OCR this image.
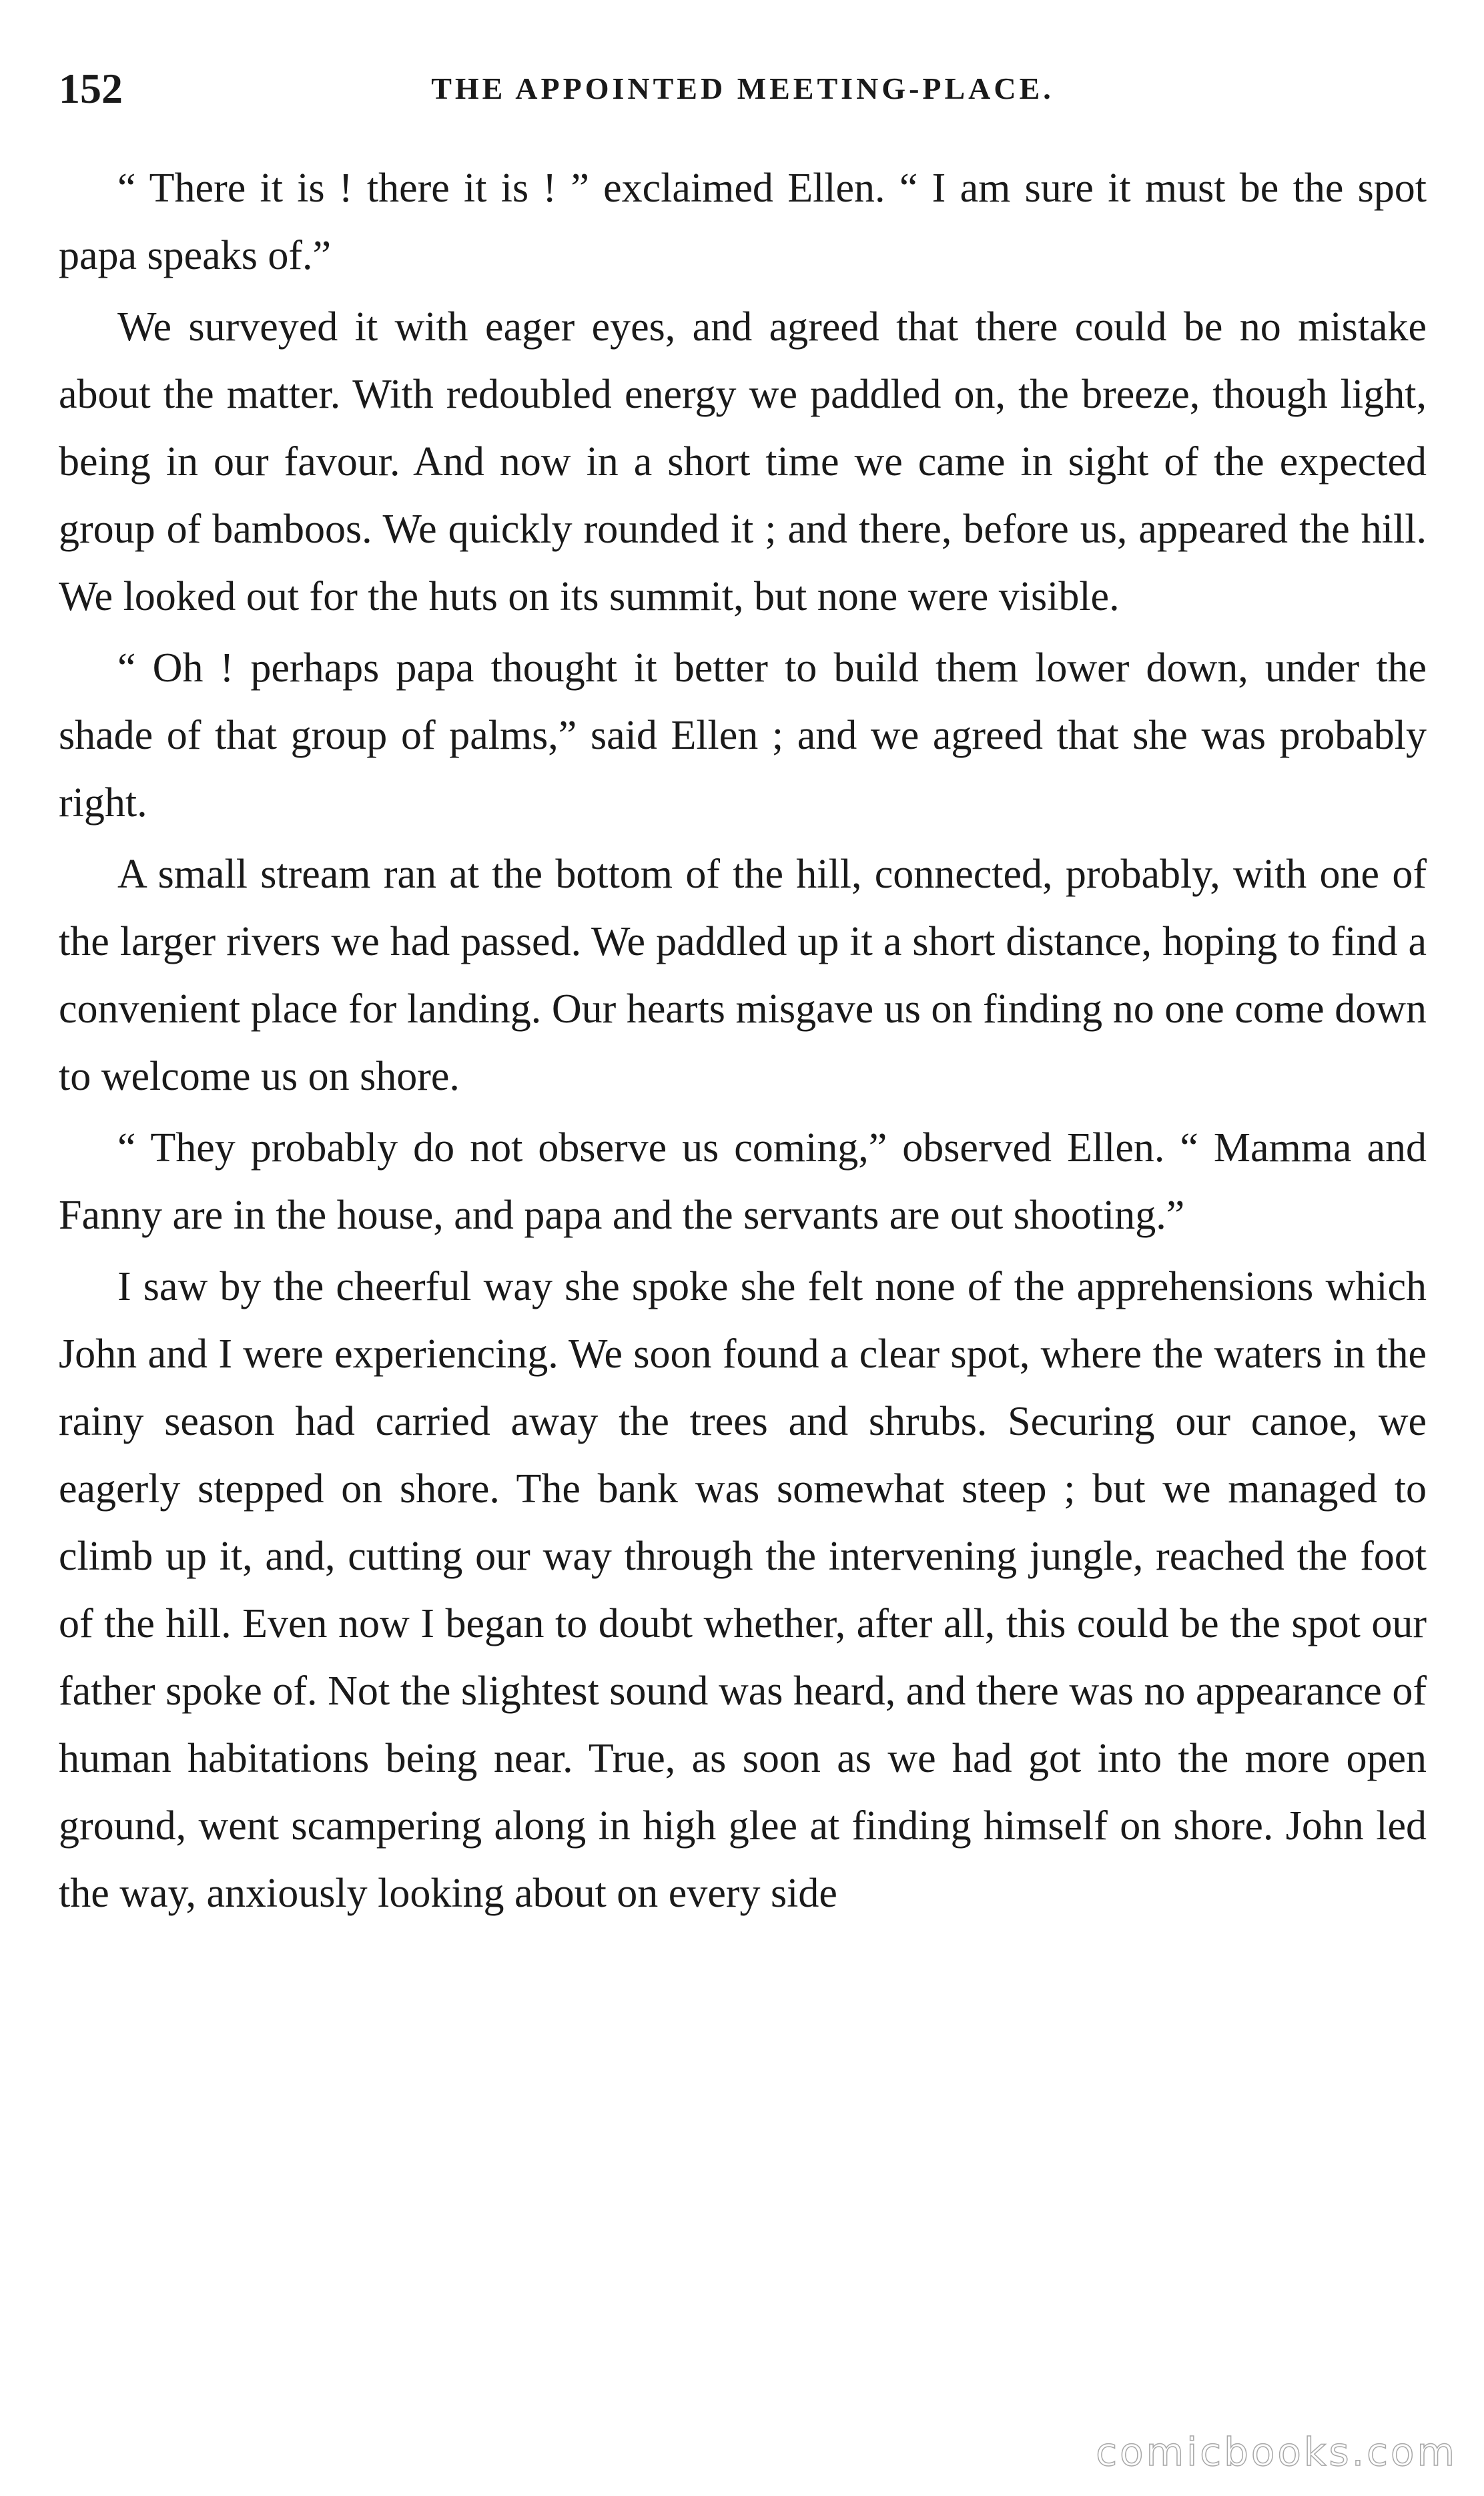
152	THE APPOINTED MEETING-PLACE.

“ There it is ! there it is ! ” exclaimed Ellen. “ I am sure it must be the spot papa speaks of.”

We surveyed it with eager eyes, and agreed that there could be no mistake about the matter. With redoubled energy we paddled on, the breeze, though light, being in our favour. And now in a short time we came in sight of the expected group of bamboos. We quickly rounded it ; and there, before us, appeared the hill. We looked out for the huts on its summit, but none were visible.

“ Oh ! perhaps papa thought it better to build them lower down, under the shade of that group of palms,” said Ellen ; and we agreed that she was probably right.

A small stream ran at the bottom of the hill, connected, probably, with one of the larger rivers we had passed. We paddled up it a short distance, hoping to find a convenient place for landing. Our hearts misgave us on finding no one come down to welcome us on shore.

“ They probably do not observe us coming,” observed Ellen. “ Mamma and Fanny are in the house, and papa and the servants are out shooting.”

I saw by the cheerful way she spoke she felt none of the apprehensions which John and I were experiencing. We soon found a clear spot, where the waters in the rainy season had carried away the trees and shrubs. Securing our canoe, we eagerly stepped on shore. The bank was somewhat steep ; but we managed to climb up it, and, cutting our way through the intervening jungle, reached the foot of the hill. Even now I began to doubt whether, after all, this could be the spot our father spoke of. Not the slightest sound was heard, and there was no appearance of human habitations being near. True, as soon as we had got into the more open ground, went scampering along in high glee at finding himself on shore. John led the way, anxiously looking about on every side

comicbooks.com
